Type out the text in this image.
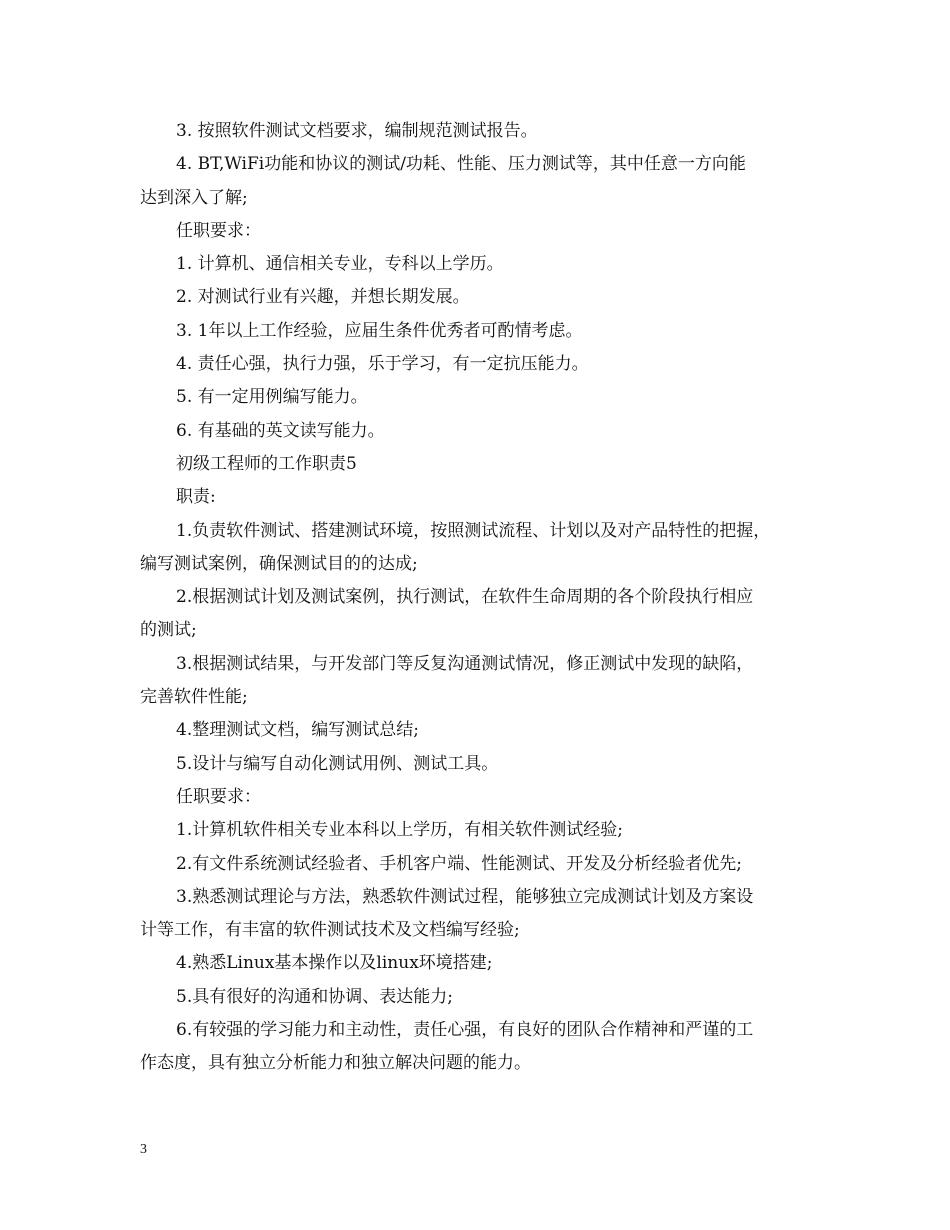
3. 按照软件测试文档要求，编制规范测试报告。
4. BT,WiFi功能和协议的测试/功耗、性能、压力测试等，其中任意一方向能
达到深入了解;
任职要求：
1. 计算机、通信相关专业，专科以上学历。
2. 对测试行业有兴趣，并想长期发展。
3. 1年以上工作经验，应届生条件优秀者可酌情考虑。
4. 责任心强，执行力强，乐于学习，有一定抗压能力。
5. 有一定用例编写能力。
6. 有基础的英文读写能力。
初级工程师的工作职责5
职责:
1.负责软件测试、搭建测试环境，按照测试流程、计划以及对产品特性的把握，
编写测试案例，确保测试目的的达成;
2.根据测试计划及测试案例，执行测试，在软件生命周期的各个阶段执行相应
的测试;
3.根据测试结果，与开发部门等反复沟通测试情况，修正测试中发现的缺陷，
完善软件性能;
4.整理测试文档，编写测试总结;
5.设计与编写自动化测试用例、测试工具。
任职要求：
1.计算机软件相关专业本科以上学历，有相关软件测试经验;
2.有文件系统测试经验者、手机客户端、性能测试、开发及分析经验者优先;
3.熟悉测试理论与方法，熟悉软件测试过程，能够独立完成测试计划及方案设
计等工作，有丰富的软件测试技术及文档编写经验;
4.熟悉Linux基本操作以及linux环境搭建;
5.具有很好的沟通和协调、表达能力;
6.有较强的学习能力和主动性，责任心强，有良好的团队合作精神和严谨的工
作态度，具有独立分析能力和独立解决问题的能力。
3
